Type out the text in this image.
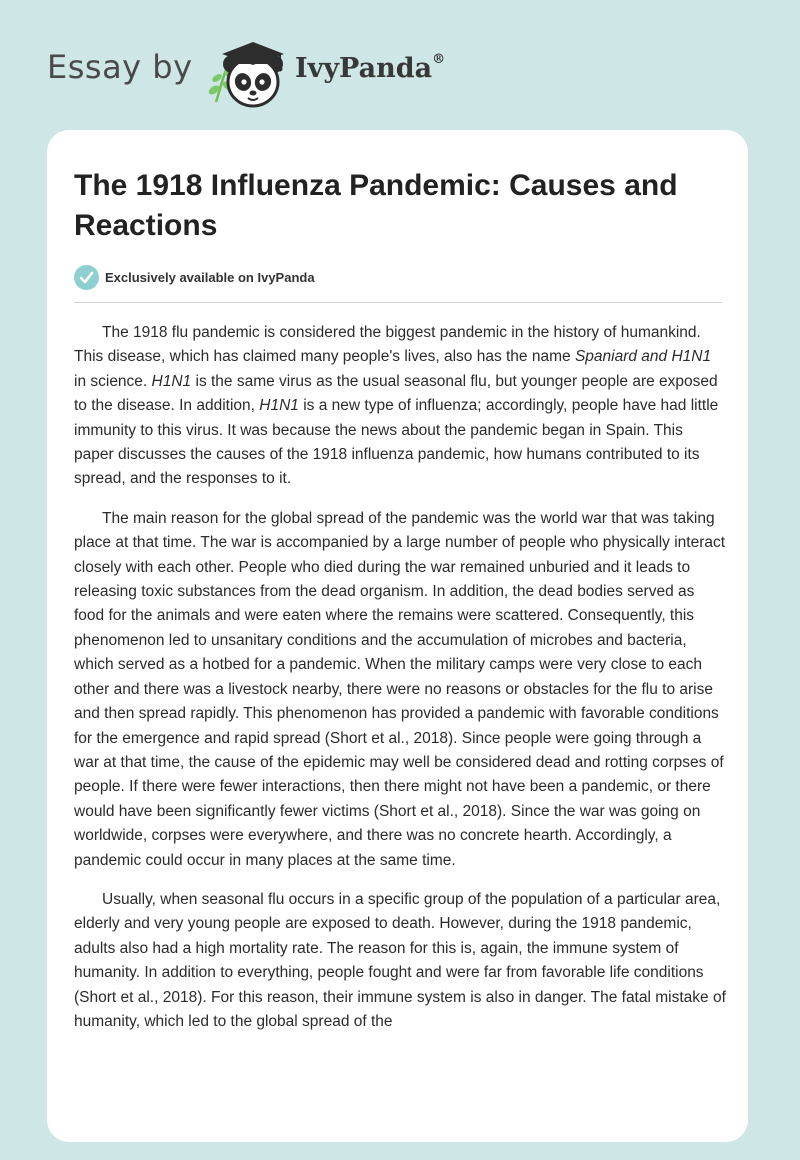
Essay by	IvyPanda®
The 1918 Influenza Pandemic: Causes and Reactions
Exclusively available on IvyPanda

The 1918 flu pandemic is considered the biggest pandemic in the history of humankind. This disease, which has claimed many people's lives, also has the name Spaniard and H1N1 in science. H1N1 is the same virus as the usual seasonal flu, but younger people are exposed to the disease. In addition, H1N1 is a new type of influenza; accordingly, people have had little immunity to this virus. It was because the news about the pandemic began in Spain. This paper discusses the causes of the 1918 influenza pandemic, how humans contributed to its spread, and the responses to it.

The main reason for the global spread of the pandemic was the world war that was taking place at that time. The war is accompanied by a large number of people who physically interact closely with each other. People who died during the war remained unburied and it leads to releasing toxic substances from the dead organism. In addition, the dead bodies served as food for the animals and were eaten where the remains were scattered. Consequently, this phenomenon led to unsanitary conditions and the accumulation of microbes and bacteria, which served as a hotbed for a pandemic. When the military camps were very close to each other and there was a livestock nearby, there were no reasons or obstacles for the flu to arise and then spread rapidly. This phenomenon has provided a pandemic with favorable conditions for the emergence and rapid spread (Short et al., 2018). Since people were going through a war at that time, the cause of the epidemic may well be considered dead and rotting corpses of people. If there were fewer interactions, then there might not have been a pandemic, or there would have been significantly fewer victims (Short et al., 2018). Since the war was going on worldwide, corpses were everywhere, and there was no concrete hearth. Accordingly, a pandemic could occur in many places at the same time.

Usually, when seasonal flu occurs in a specific group of the population of a particular area, elderly and very young people are exposed to death. However, during the 1918 pandemic, adults also had a high mortality rate. The reason for this is, again, the immune system of humanity. In addition to everything, people fought and were far from favorable life conditions (Short et al., 2018). For this reason, their immune system is also in danger. The fatal mistake of humanity, which led to the global spread of the
